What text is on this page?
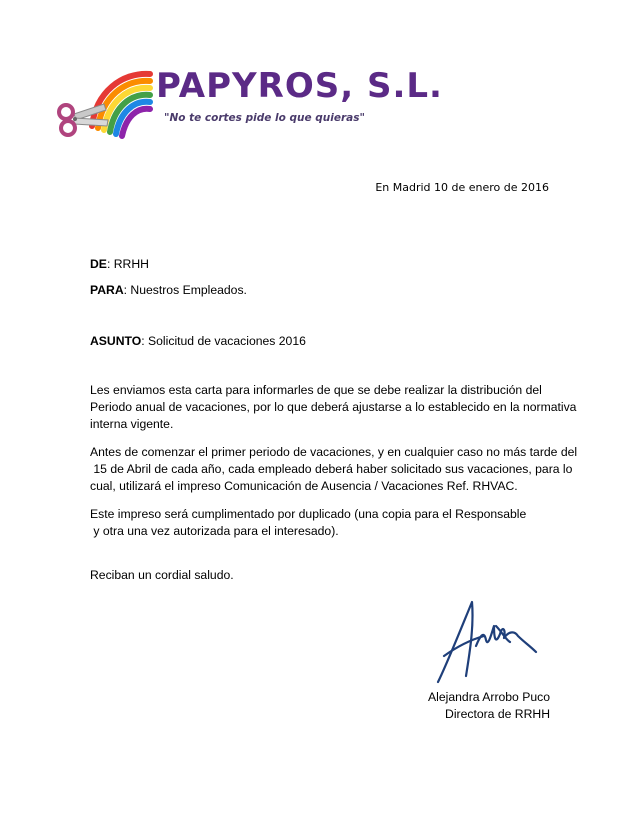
PAPYROS, S.L.
"No te cortes pide lo que quieras"
En Madrid 10 de enero de 2016
DE: RRHH
PARA: Nuestros Empleados.
ASUNTO: Solicitud de vacaciones 2016
Les enviamos esta carta para informarles de que se debe realizar la distribución del
Periodo anual de vacaciones, por lo que deberá ajustarse a lo establecido en la normativa
interna vigente.
Antes de comenzar el primer periodo de vacaciones, y en cualquier caso no más tarde del
15 de Abril de cada año, cada empleado deberá haber solicitado sus vacaciones, para lo
cual, utilizará el impreso Comunicación de Ausencia / Vacaciones Ref. RHVAC.
Este impreso será cumplimentado por duplicado (una copia para el Responsable
y otra una vez autorizada para el interesado).
Reciban un cordial saludo.
Alejandra Arrobo Puco
Directora de RRHH
